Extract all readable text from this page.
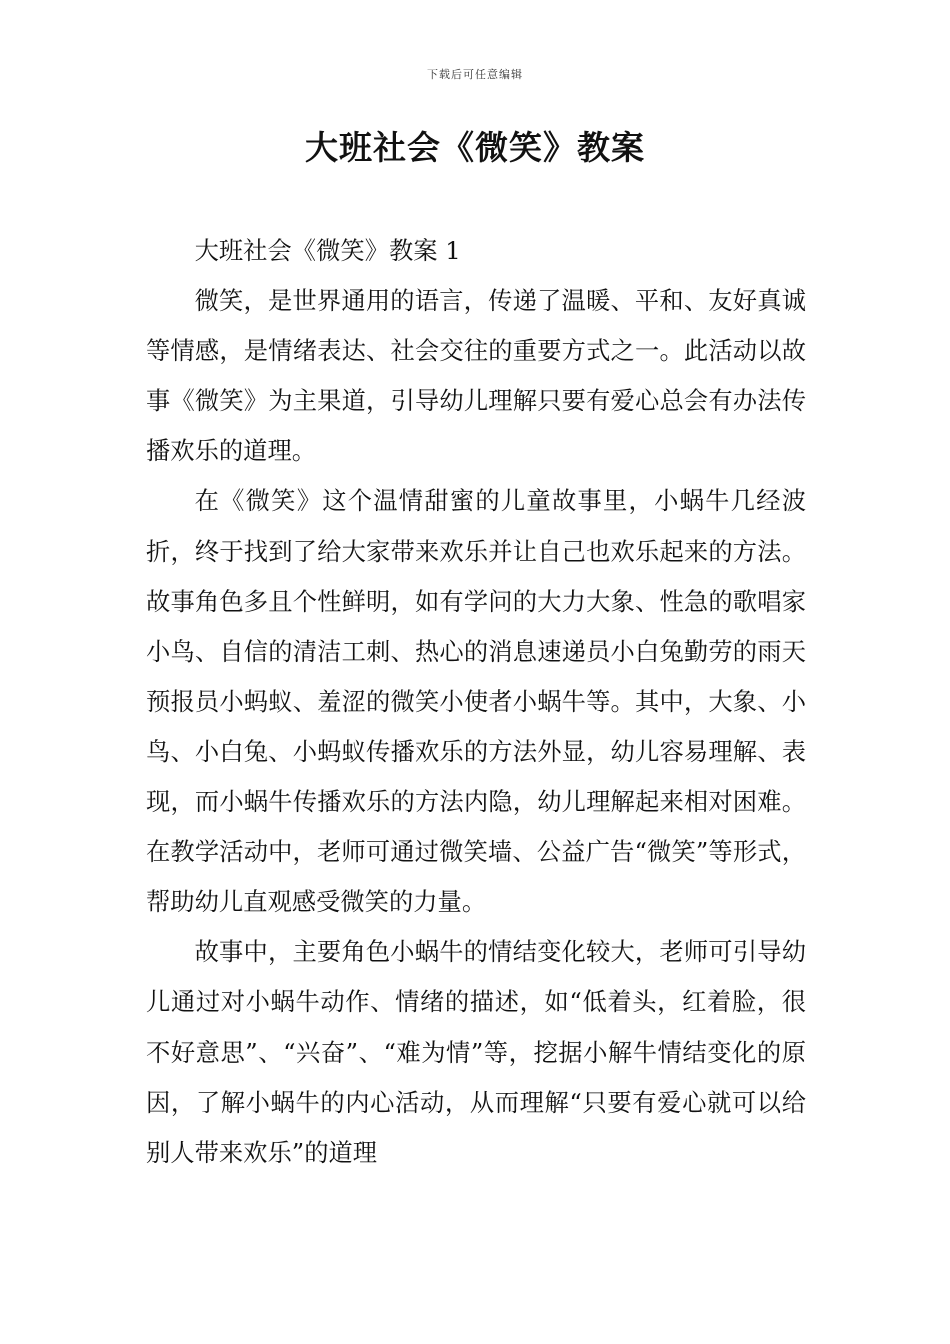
下载后可任意编辑
大班社会《微笑》教案

大班社会《微笑》教案 1

微笑，是世界通用的语言，传递了温暖、平和、友好真诚等情感，是情绪表达、社会交往的重要方式之一。此活动以故事《微笑》为主果道，引导幼儿理解只要有爱心总会有办法传播欢乐的道理。

在《微笑》这个温情甜蜜的儿童故事里，小蜗牛几经波折，终于找到了给大家带来欢乐并让自己也欢乐起来的方法。故事角色多且个性鲜明，如有学问的大力大象、性急的歌唱家小鸟、自信的清洁工刺、热心的消息速递员小白兔勤劳的雨天预报员小蚂蚁、羞涩的微笑小使者小蜗牛等。其中，大象、小鸟、小白兔、小蚂蚁传播欢乐的方法外显，幼儿容易理解、表现，而小蜗牛传播欢乐的方法内隐，幼儿理解起来相对困难。在教学活动中，老师可通过微笑墙、公益广告“微笑”等形式，帮助幼儿直观感受微笑的力量。

故事中，主要角色小蜗牛的情结变化较大，老师可引导幼儿通过对小蜗牛动作、情绪的描述，如“低着头，红着脸，很不好意思”、“兴奋”、“难为情”等，挖据小解牛情结变化的原因，了解小蜗牛的内心活动，从而理解“只要有爱心就可以给别人带来欢乐”的道理
